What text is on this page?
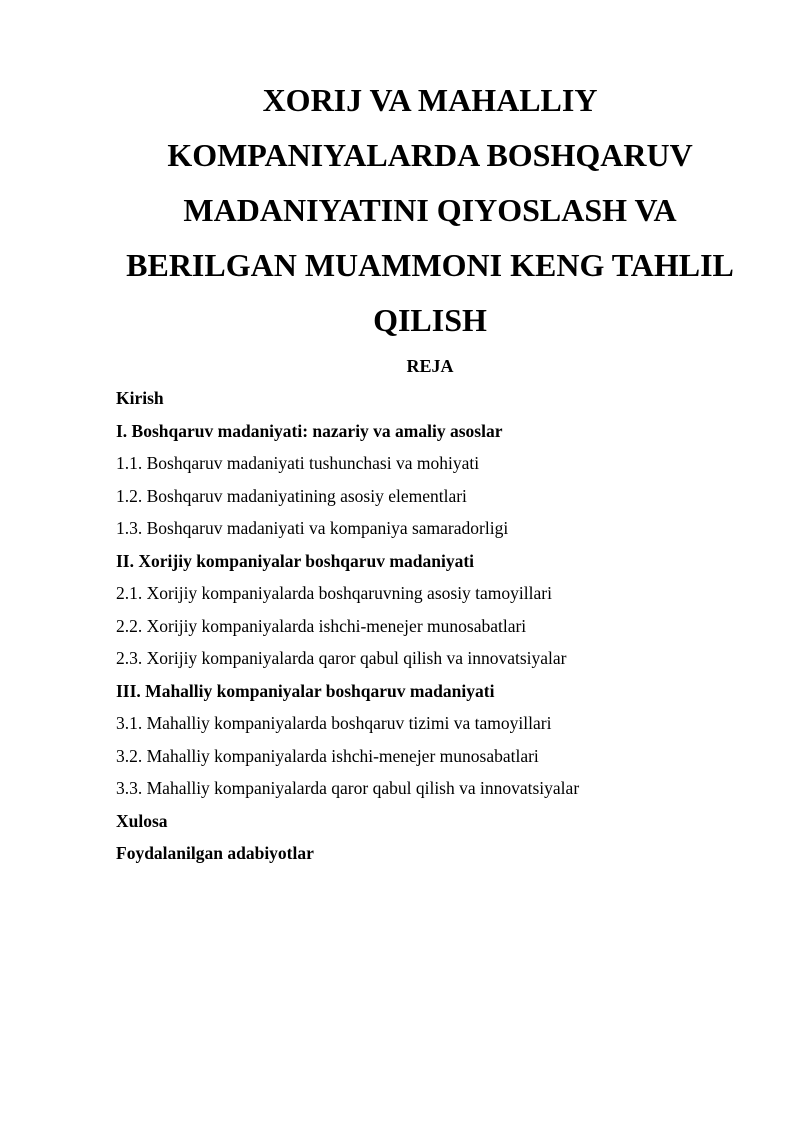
XORIJ VA MAHALLIY
KOMPANIYALARDA BOSHQARUV
MADANIYATINI QIYOSLASH VA
BERILGAN MUAMMONI KENG TAHLIL
QILISH
REJA
Kirish
I. Boshqaruv madaniyati: nazariy va amaliy asoslar
1.1. Boshqaruv madaniyati tushunchasi va mohiyati
1.2. Boshqaruv madaniyatining asosiy elementlari
1.3. Boshqaruv madaniyati va kompaniya samaradorligi
II. Xorijiy kompaniyalar boshqaruv madaniyati
2.1. Xorijiy kompaniyalarda boshqaruvning asosiy tamoyillari
2.2. Xorijiy kompaniyalarda ishchi-menejer munosabatlari
2.3. Xorijiy kompaniyalarda qaror qabul qilish va innovatsiyalar
III. Mahalliy kompaniyalar boshqaruv madaniyati
3.1. Mahalliy kompaniyalarda boshqaruv tizimi va tamoyillari
3.2. Mahalliy kompaniyalarda ishchi-menejer munosabatlari
3.3. Mahalliy kompaniyalarda qaror qabul qilish va innovatsiyalar
Xulosa
Foydalanilgan adabiyotlar
